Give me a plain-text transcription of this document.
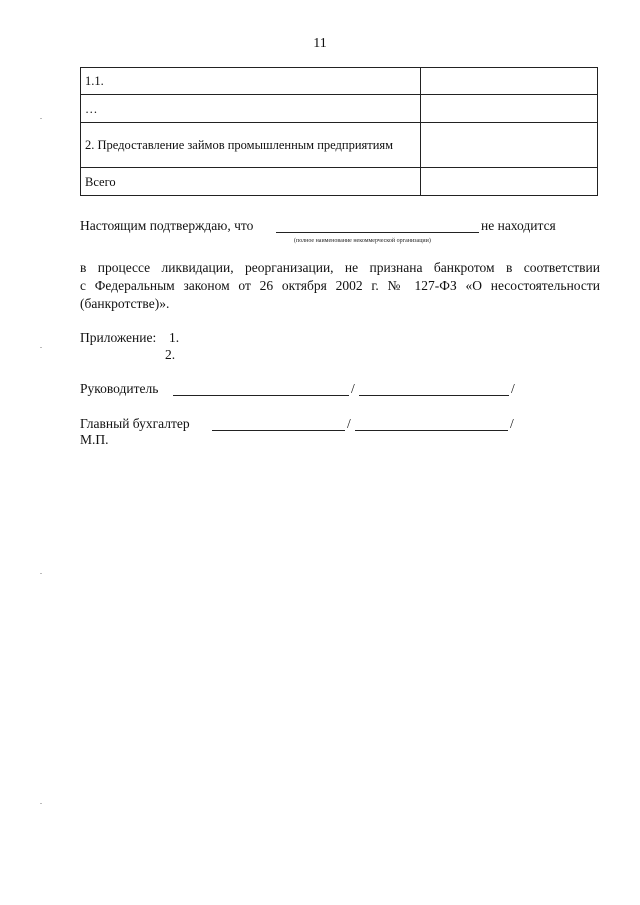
11
1.1.	
…	
2. Предоставление займов промышленным предприятиям	
Всего	
Настоящим подтверждаю, что	не находится
(полное наименование некоммерческой организации)
в процессе ликвидации, реорганизации, не признана банкротом в соответствии
с Федеральным законом от 26 октября 2002 г. № 127-ФЗ «О несостоятельности
(банкротстве)».
Приложение: 1.
2.
Руководитель	/	/
Главный бухгалтер	/	/
М.П.
